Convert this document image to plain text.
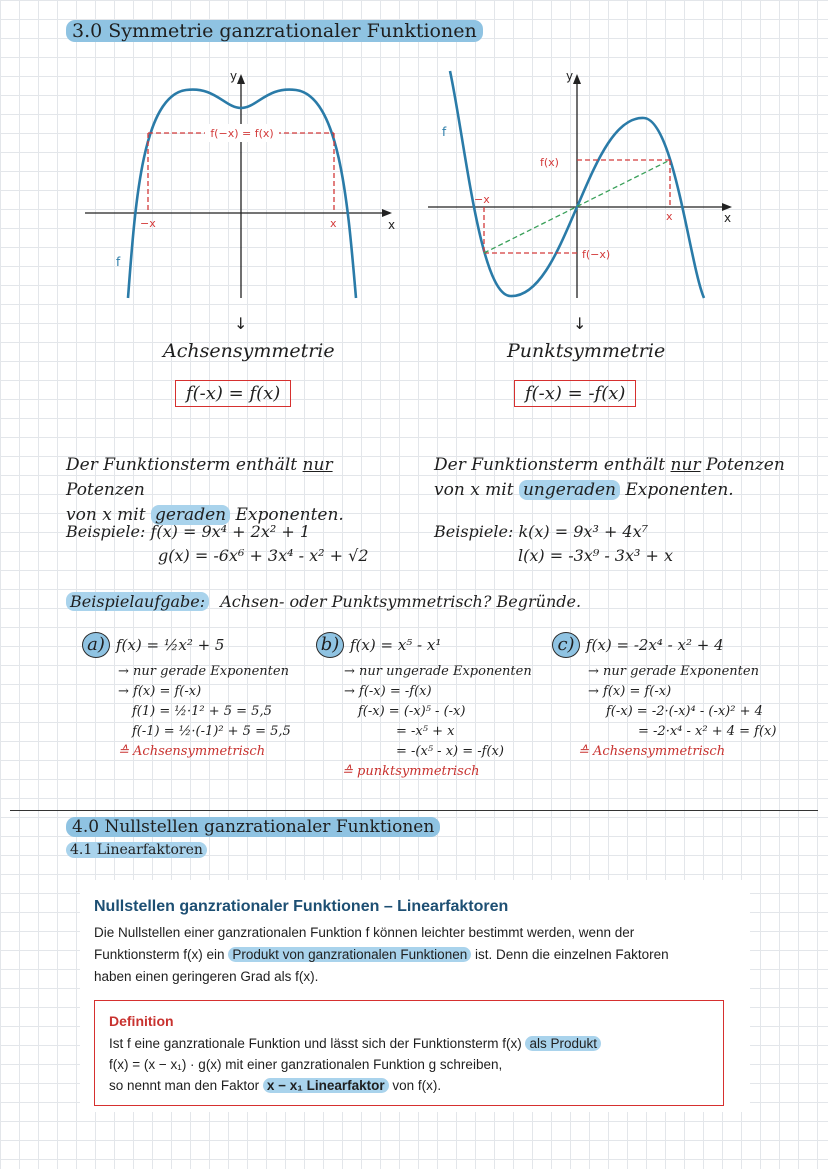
3.0 Symmetrie ganzrationaler Funktionen
f(−x) = f(x)
y
x
f
−x	x
f(x)
f(−x)
y
x
f
−x
x
↓	↓
Achsensymmetrie	Punktsymmetrie
f(-x) = f(x)	f(-x) = -f(x)
Der Funktionsterm enthält nur Potenzen
von x mit geraden Exponenten.
Der Funktionsterm enthält nur Potenzen
von x mit ungeraden Exponenten.
Beispiele: f(x) = 9x⁴ + 2x² + 1
g(x) = -6x⁶ + 3x⁴ - x² + √2
Beispiele: k(x) = 9x³ + 4x⁷
l(x) = -3x⁹ - 3x³ + x
Beispielaufgabe: Achsen- oder Punktsymmetrisch? Begründe.
a) f(x) = ½x² + 5
→ nur gerade Exponenten
→ f(x) = f(-x)
f(1) = ½·1² + 5 = 5,5
f(-1) = ½·(-1)² + 5 = 5,5
≙ Achsensymmetrisch
b) f(x) = x⁵ - x¹
→ nur ungerade Exponenten
→ f(-x) = -f(x)
f(-x) = (-x)⁵ - (-x)
= -x⁵ + x
= -(x⁵ - x) = -f(x)
≙ punktsymmetrisch
c) f(x) = -2x⁴ - x² + 4
→ nur gerade Exponenten
→ f(x) = f(-x)
f(-x) = -2·(-x)⁴ - (-x)² + 4
= -2·x⁴ - x² + 4 = f(x)
≙ Achsensymmetrisch
4.0 Nullstellen ganzrationaler Funktionen
4.1 Linearfaktoren
Nullstellen ganzrationaler Funktionen – Linearfaktoren
Die Nullstellen einer ganzrationalen Funktion f können leichter bestimmt werden, wenn der
Funktionsterm f(x) ein Produkt von ganzrationalen Funktionen ist. Denn die einzelnen Faktoren
haben einen geringeren Grad als f(x).
Definition
Ist f eine ganzrationale Funktion und lässt sich der Funktionsterm f(x) als Produkt
f(x) = (x − x₁) · g(x) mit einer ganzrationalen Funktion g schreiben,
so nennt man den Faktor x − x₁ Linearfaktor von f(x).
